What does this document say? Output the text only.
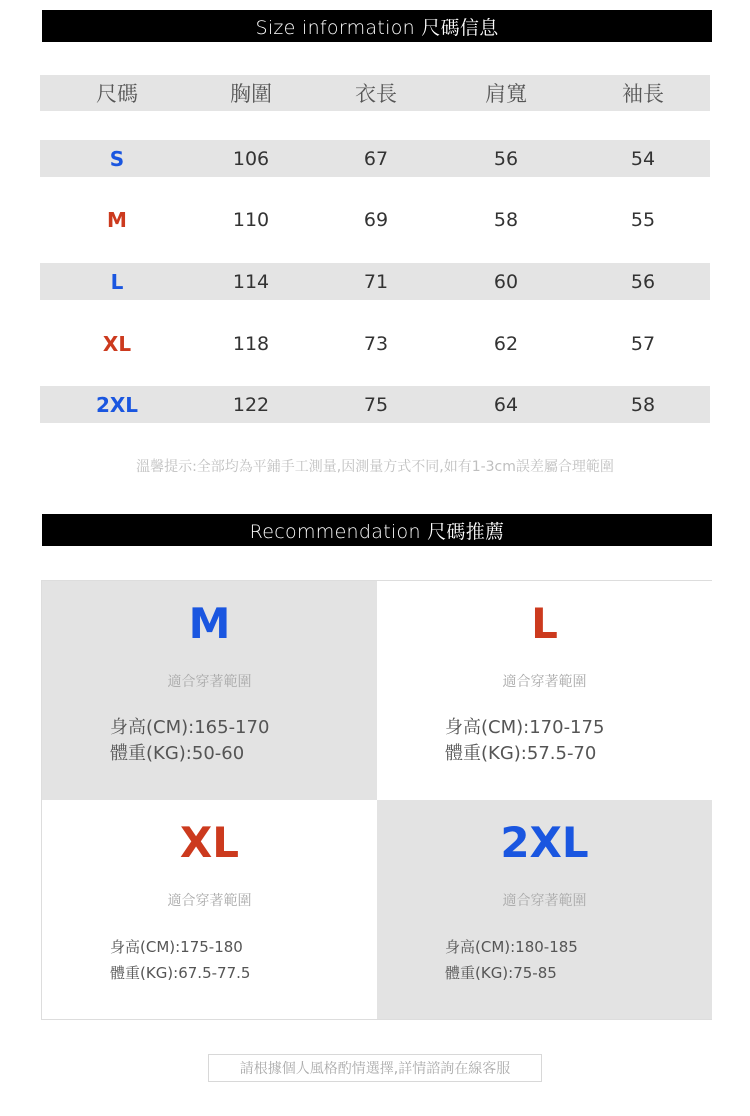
Size information 尺碼信息
尺碼	胸圍	衣長	肩寬	袖長
S	106	67	56	54
M	110	69	58	55
L	114	71	60	56
XL	118	73	62	57
2XL	122	75	64	58
溫馨提示:全部均為平鋪手工測量,因測量方式不同,如有1-3cm誤差屬合理範圍
Recommendation 尺碼推薦
M
適合穿著範圍
身高(CM):165-170
體重(KG):50-60
L
適合穿著範圍
身高(CM):170-175
體重(KG):57.5-70
XL
適合穿著範圍
身高(CM):175-180
體重(KG):67.5-77.5
2XL
適合穿著範圍
身高(CM):180-185
體重(KG):75-85
請根據個人風格酌情選擇,詳情諮詢在線客服
